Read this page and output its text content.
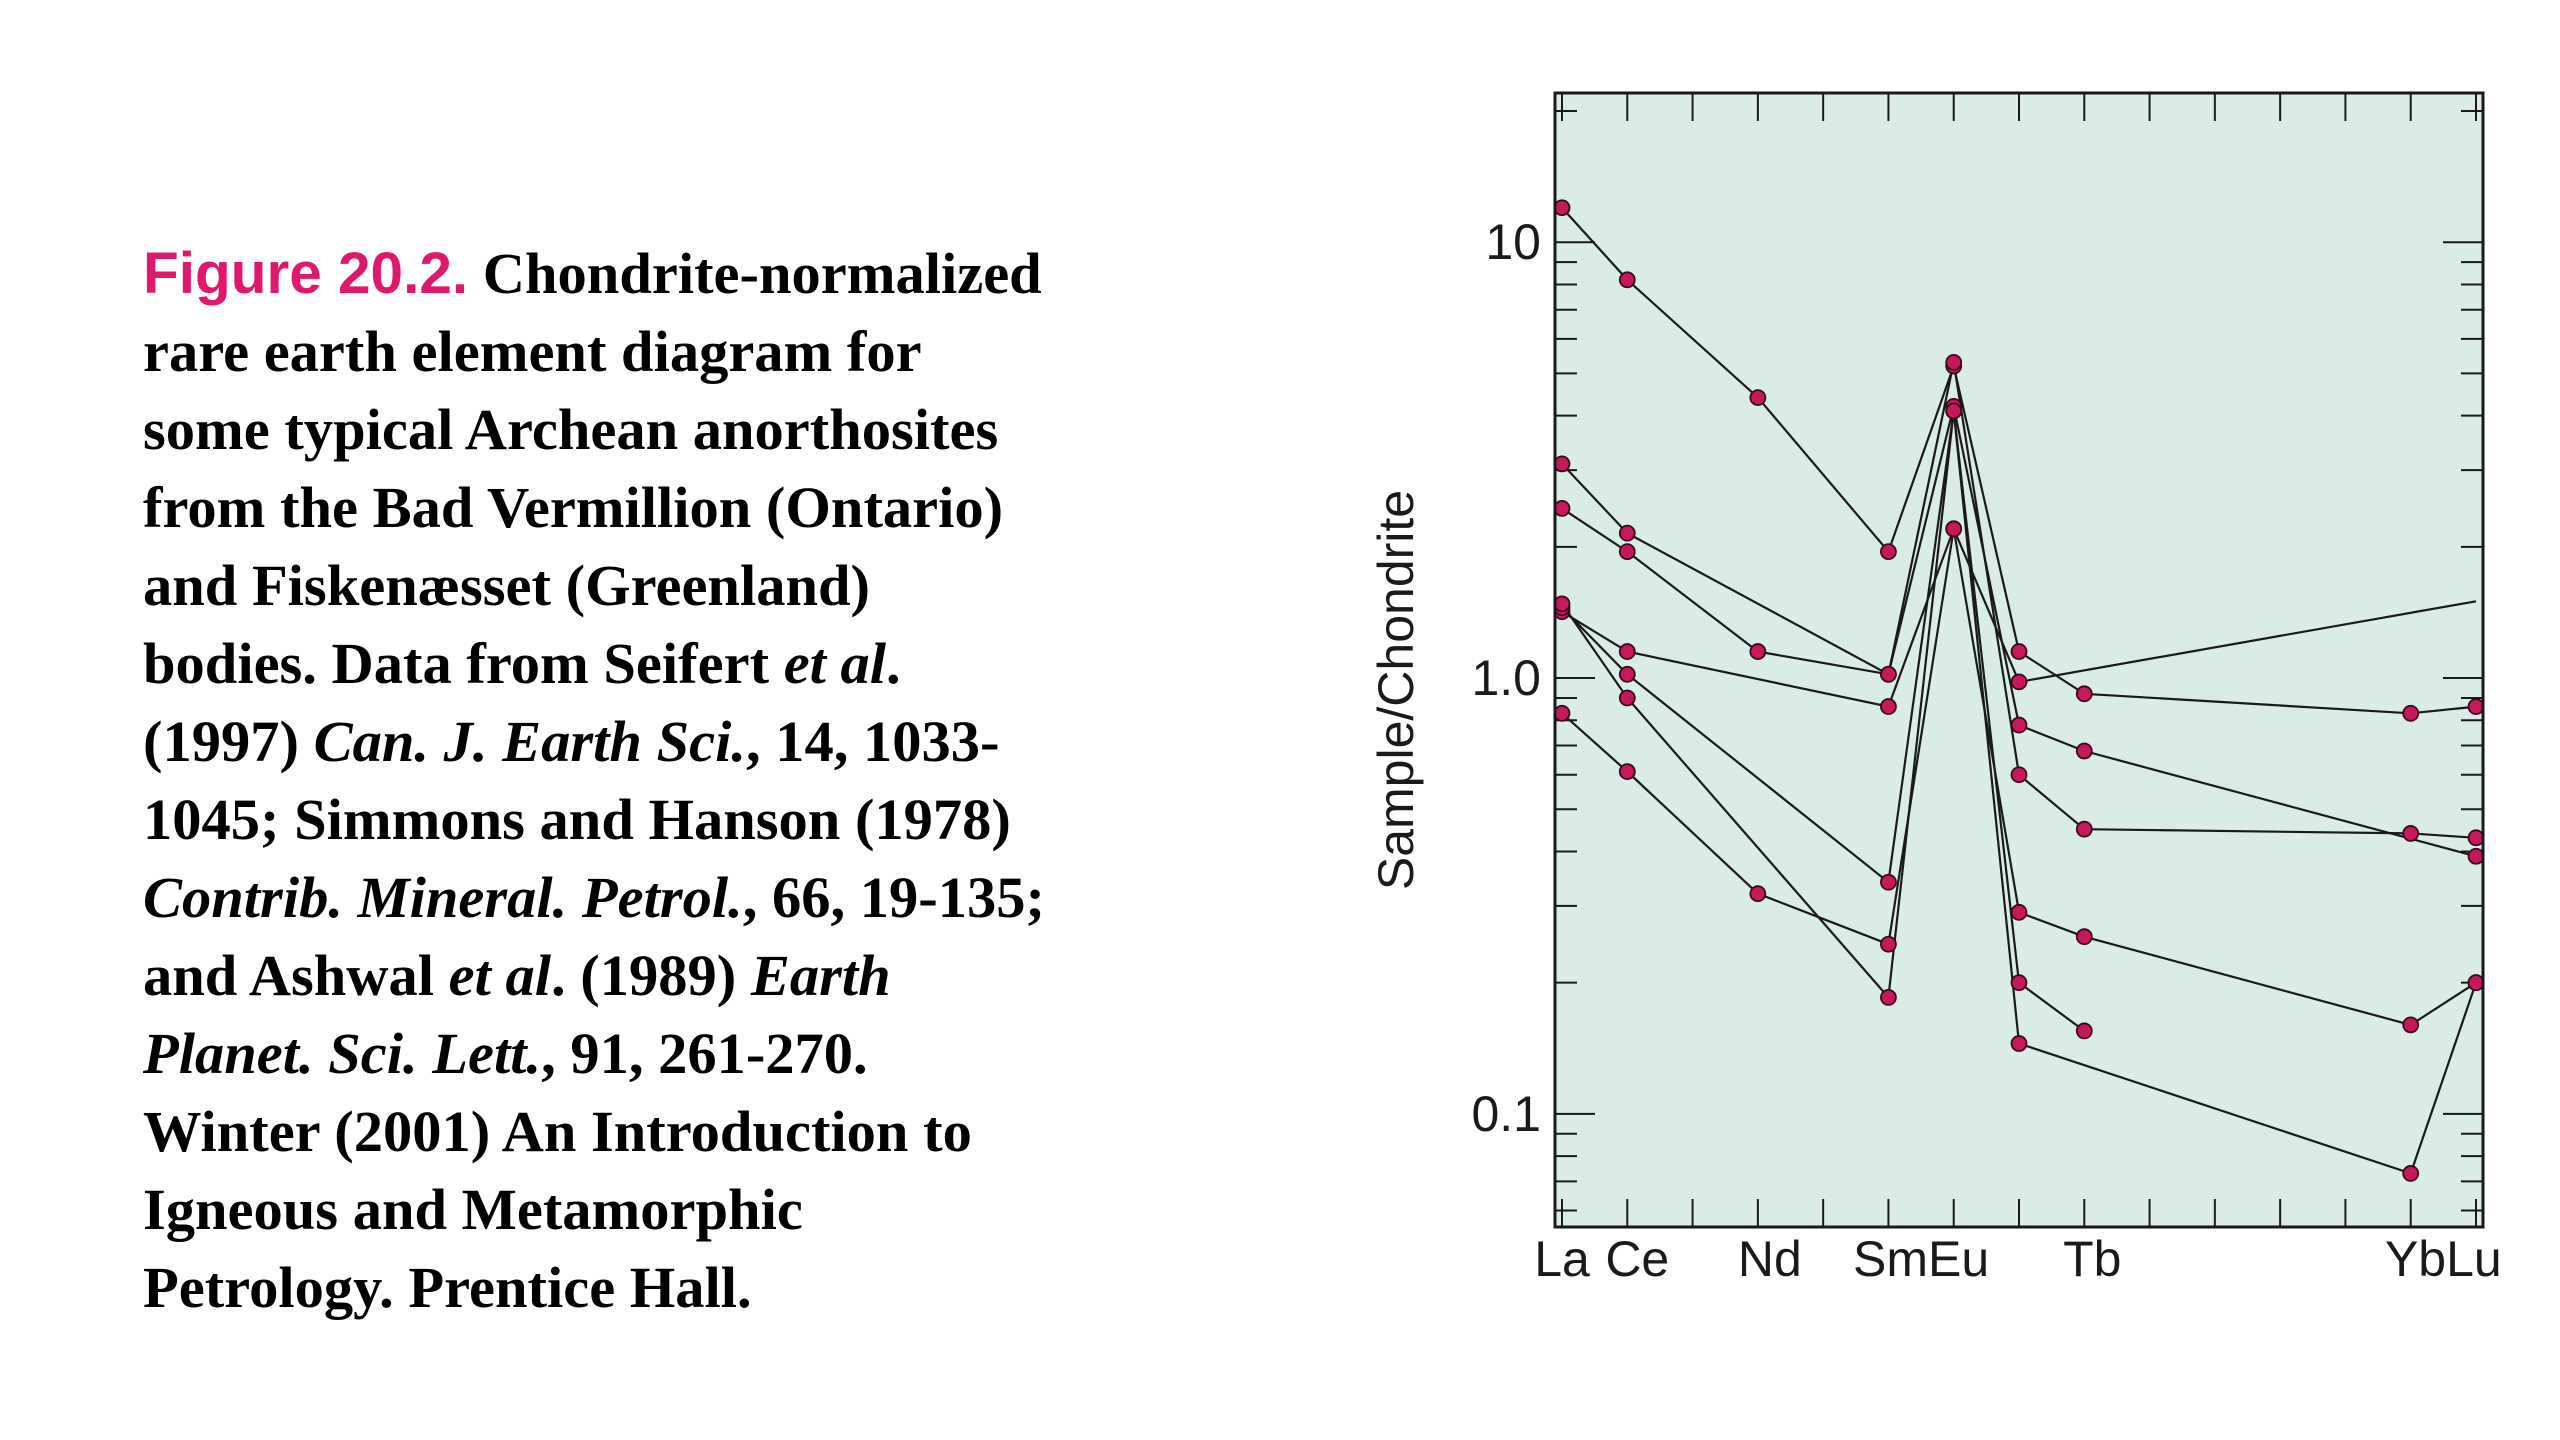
Figure 20.2. Chondrite-normalized
rare earth element diagram for
some typical Archean anorthosites
from the Bad Vermillion (Ontario)
and Fiskenæsset (Greenland)
bodies. Data from Seifert et al.
(1997) Can. J. Earth Sci., 14, 1033-
1045; Simmons and Hanson (1978)
Contrib. Mineral. Petrol., 66, 19-135;
and Ashwal et al. (1989) Earth
Planet. Sci. Lett., 91, 261-270.
Winter (2001) An Introduction to
Igneous and Metamorphic
Petrology. Prentice Hall.
10
1.0
0.1
La Ce Nd SmEu Tb	YbLu
Sample/Chondrite
